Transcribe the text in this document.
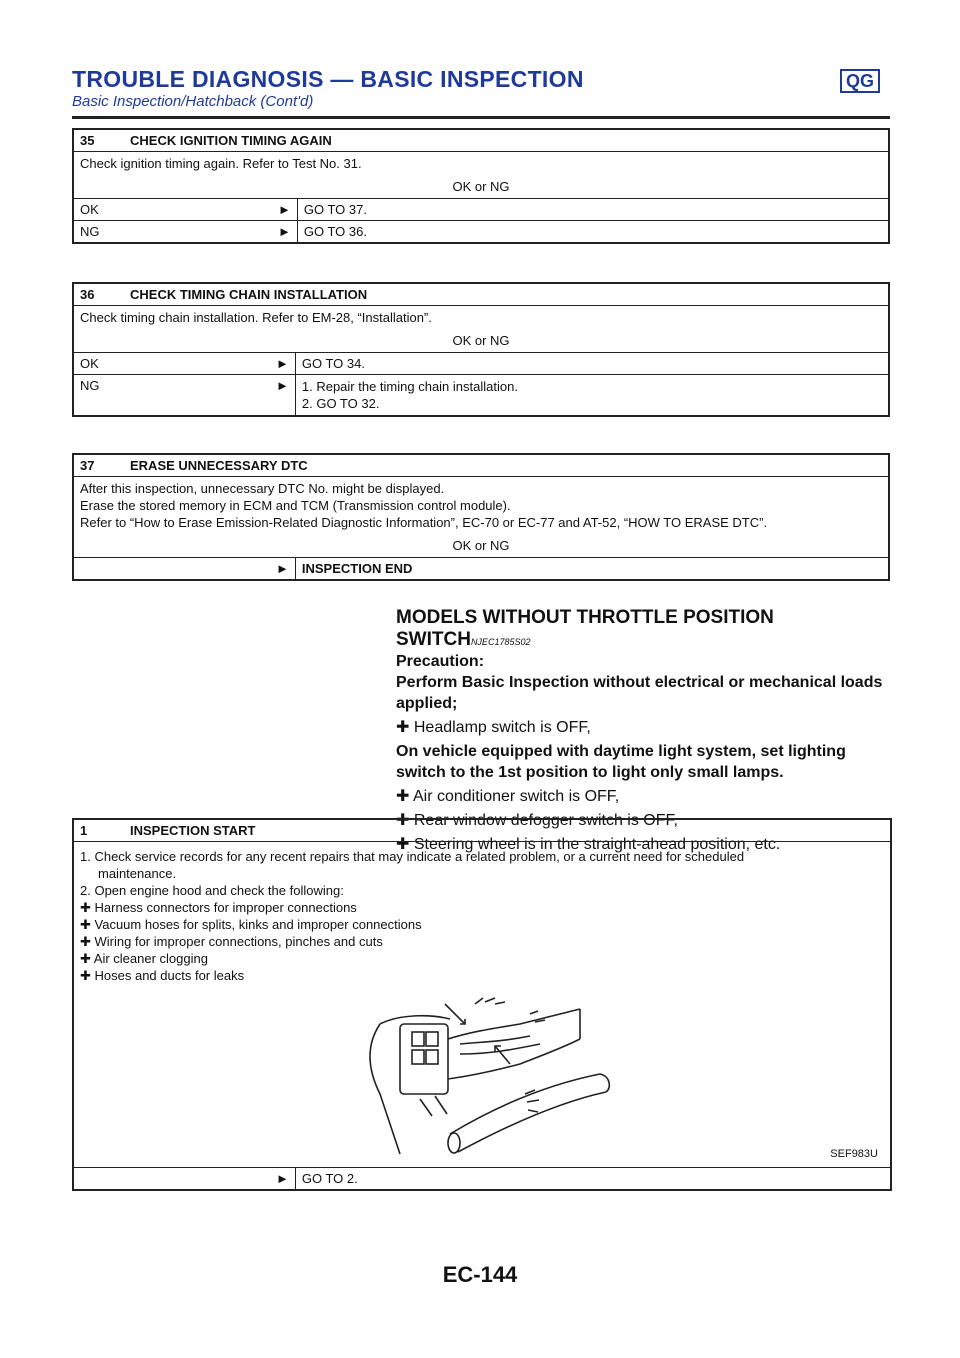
TROUBLE DIAGNOSIS — BASIC INSPECTION	QG
Basic Inspection/Hatchback (Cont'd)
35 CHECK IGNITION TIMING AGAIN		

Check ignition timing again. Refer to Test No. 31.
OK or NG		

OK	►	GO TO 37.
NG	►	GO TO 36.
36 CHECK TIMING CHAIN INSTALLATION		

Check timing chain installation. Refer to EM-28, “Installation”.
OK or NG		

OK	►	GO TO 34.
NG	►	1. Repair the timing chain installation.
2. GO TO 32.
37	ERASE UNNECESSARY DTC

After this inspection, unnecessary DTC No. might be displayed.
Erase the stored memory in ECM and TCM (Transmission control module).
Refer to “How to Erase Emission-Related Diagnostic Information”, EC-70 or EC-77 and AT-52, “HOW TO ERASE DTC”.
OK or NG

	►	INSPECTION END
MODELS WITHOUT THROTTLE POSITION SWITCHNJEC1785S02
Precaution:
Perform Basic Inspection without electrical or mechanical loads applied;
✚ Headlamp switch is OFF,
On vehicle equipped with daytime light system, set lighting switch to the 1st position to light only small lamps.
✚ Air conditioner switch is OFF,
✚ Rear window defogger switch is OFF,
✚ Steering wheel is in the straight-ahead position, etc.
1	INSPECTION START

1. Check service records for any recent repairs that may indicate a related problem, or a current need for scheduled
maintenance.
2. Open engine hood and check the following:
✚ Harness connectors for improper connections
✚ Vacuum hoses for splits, kinks and improper connections
✚ Wiring for improper connections, pinches and cuts
✚ Air cleaner clogging
✚ Hoses and ducts for leaks
SEF983U

	►	GO TO 2.
EC-144
